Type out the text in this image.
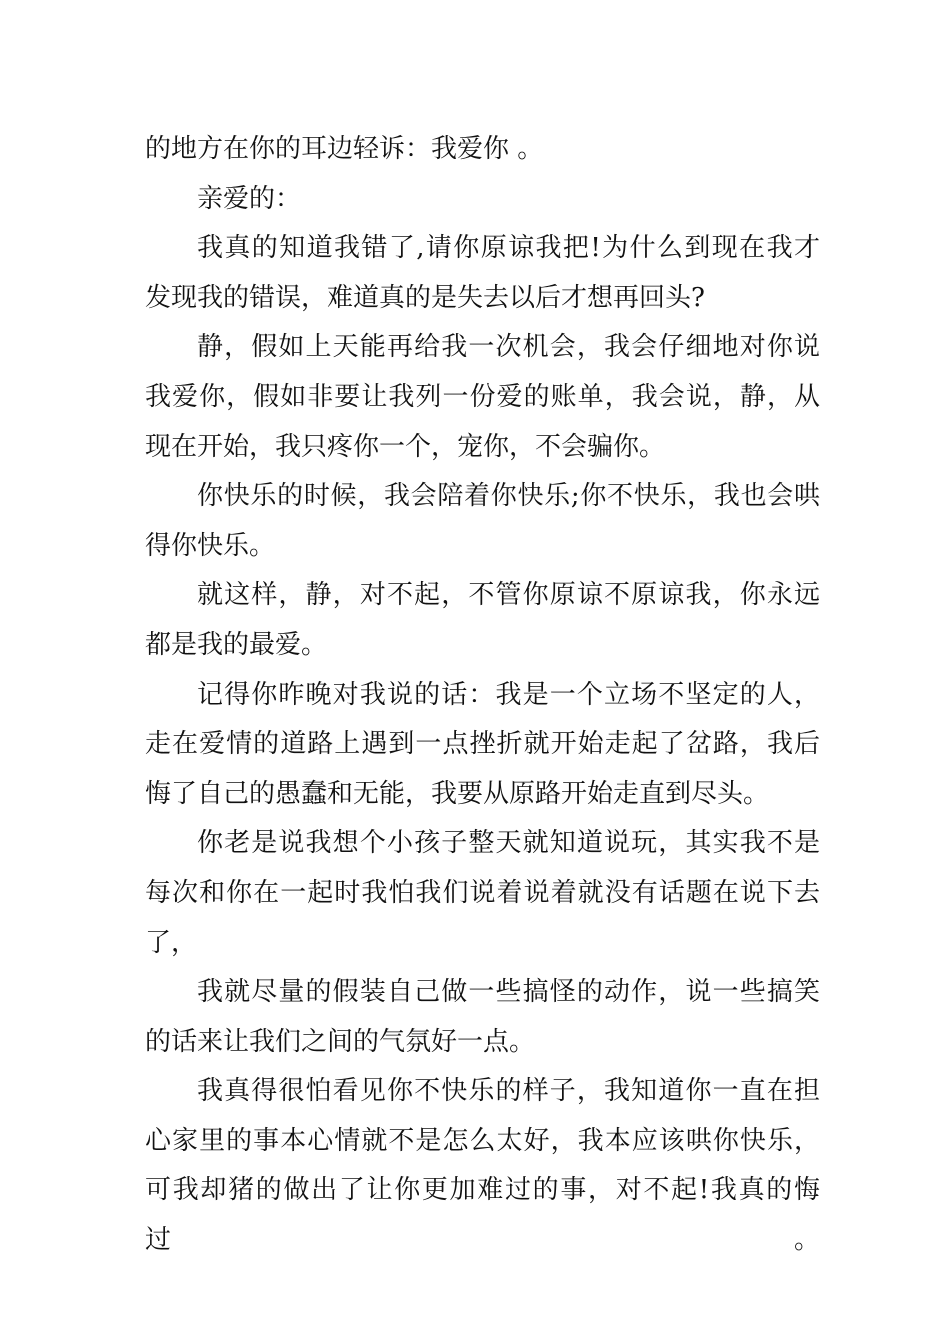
的地方在你的耳边轻诉：我爱你 。

亲爱的：

我真的知道我错了,请你原谅我把!为什么到现在我才
发现我的错误，难道真的是失去以后才想再回头?

静，假如上天能再给我一次机会，我会仔细地对你说
我爱你，假如非要让我列一份爱的账单，我会说，静，从
现在开始，我只疼你一个，宠你，不会骗你。

你快乐的时候，我会陪着你快乐;你不快乐，我也会哄
得你快乐。

就这样，静，对不起，不管你原谅不原谅我，你永远
都是我的最爱。

记得你昨晚对我说的话：我是一个立场不坚定的人，
走在爱情的道路上遇到一点挫折就开始走起了岔路，我后
悔了自己的愚蠢和无能，我要从原路开始走直到尽头。

你老是说我想个小孩子整天就知道说玩，其实我不是
每次和你在一起时我怕我们说着说着就没有话题在说下去
了，

我就尽量的假装自己做一些搞怪的动作，说一些搞笑
的话来让我们之间的气氛好一点。

我真得很怕看见你不快乐的样子，我知道你一直在担
心家里的事本心情就不是怎么太好，我本应该哄你快乐，
可我却猪的做出了让你更加难过的事，对不起!我真的悔过。
